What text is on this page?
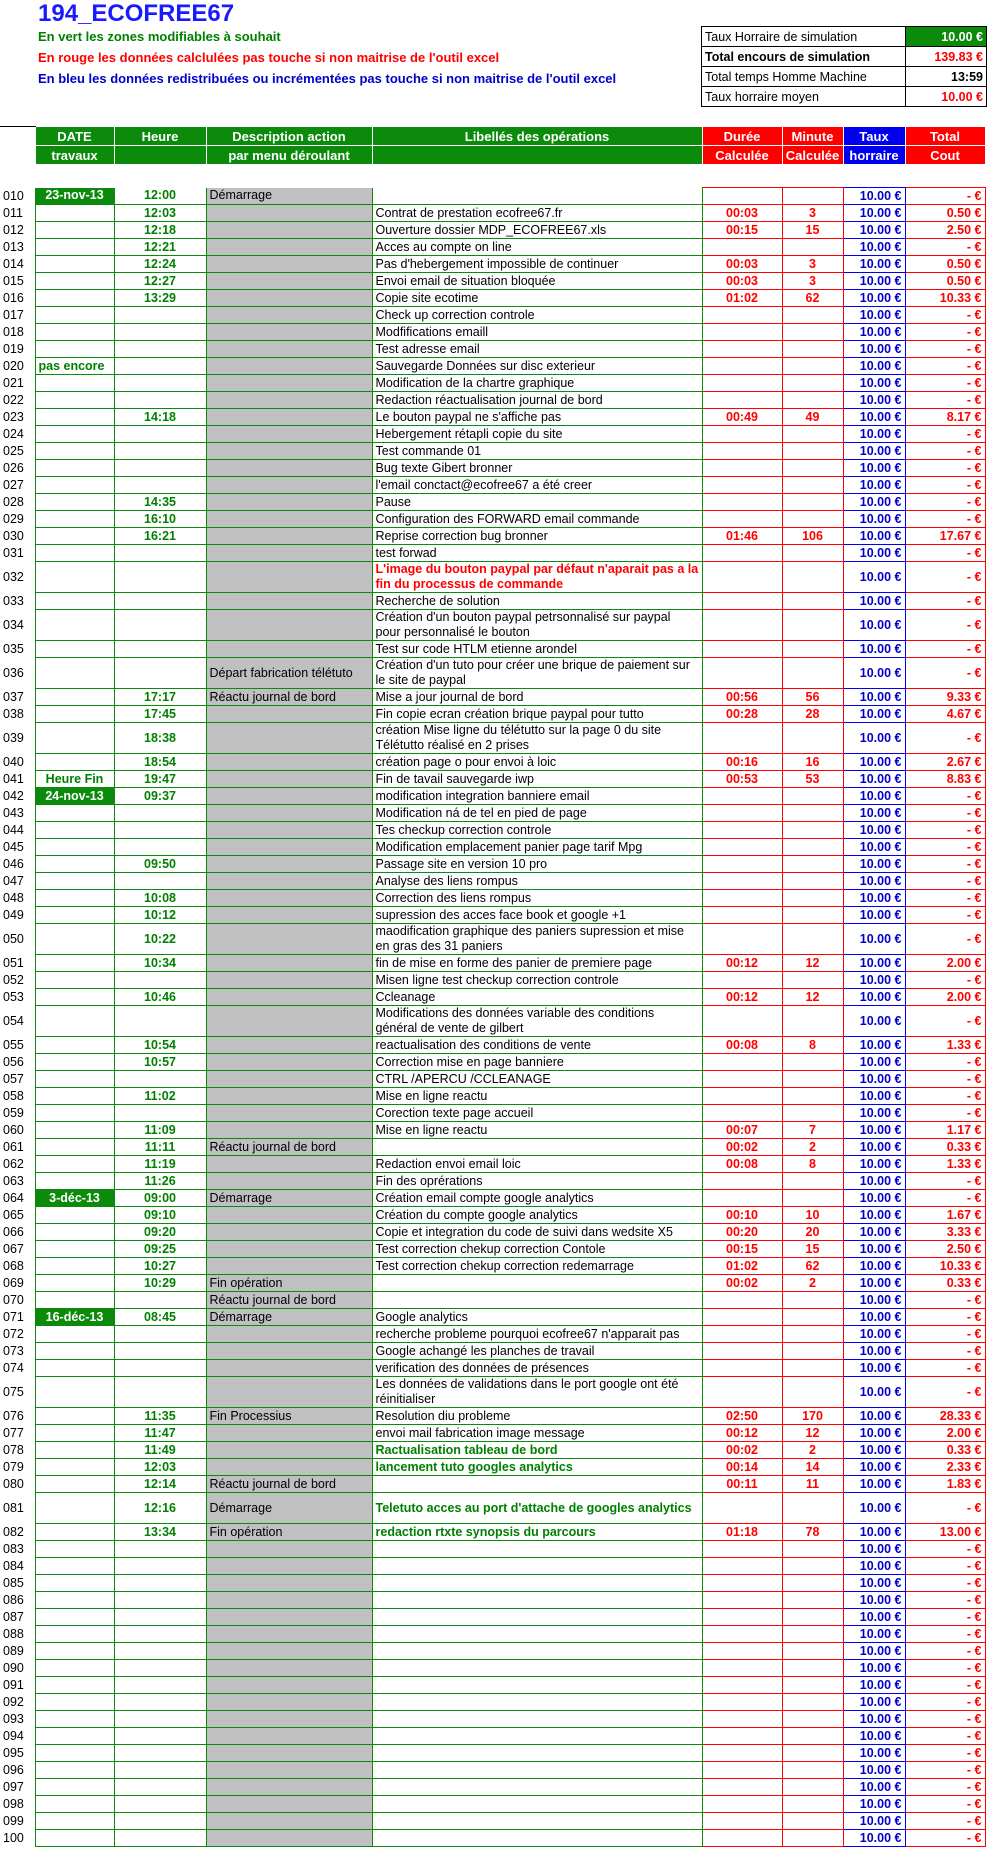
194_ECOFREE67
En vert les zones modifiables à souhait
En rouge les données calclulées pas touche si non maitrise de l'outil excel
En bleu les données redistribuées ou incrémentées pas touche si non maitrise de l'outil excel
Taux Horraire de simulation	10.00 €
Total encours de simulation	139.83 €
Total temps Homme Machine	13:59
Taux horraire moyen	10.00 €
	DATE	Heure	Description action	Libellés des opérations	Durée	Minute	Taux	Total
	travaux		par menu déroulant		Calculée	Calculée	horraire	Cout

010	23-nov-13	12:00	Démarrage				10.00 €	- €
011		12:03		Contrat de prestation ecofree67.fr	00:03	3	10.00 €	0.50 €
012		12:18		Ouverture dossier MDP_ECOFREE67.xls	00:15	15	10.00 €	2.50 €
013		12:21		Acces au compte on line			10.00 €	- €
014		12:24		Pas d'hebergement impossible de continuer	00:03	3	10.00 €	0.50 €
015		12:27		Envoi email de situation bloquée	00:03	3	10.00 €	0.50 €
016		13:29		Copie site ecotime	01:02	62	10.00 €	10.33 €
017				Check up correction controle			10.00 €	- €
018				Modfifications emaill			10.00 €	- €
019				Test adresse email			10.00 €	- €
020	pas encore			Sauvegarde Données sur disc exterieur			10.00 €	- €
021				Modification de la chartre graphique			10.00 €	- €
022				Redaction réactualisation journal de bord			10.00 €	- €
023		14:18		Le bouton paypal ne s'affiche pas	00:49	49	10.00 €	8.17 €
024				Hebergement rétapli copie du site			10.00 €	- €
025				Test commande 01			10.00 €	- €
026				Bug texte Gibert bronner			10.00 €	- €
027				l'email conctact@ecofree67 a été creer			10.00 €	- €
028		14:35		Pause			10.00 €	- €
029		16:10		Configuration des FORWARD email commande			10.00 €	- €
030		16:21		Reprise correction bug bronner	01:46	106	10.00 €	17.67 €
031				test forwad			10.00 €	- €
032				L'image du bouton paypal par défaut n'aparait pas a la fin du processus de commande			10.00 €	- €
033				Recherche de solution			10.00 €	- €
034				Création d'un bouton paypal petrsonnalisé sur paypal pour personnalisé le bouton			10.00 €	- €
035				Test sur code HTLM etienne arondel			10.00 €	- €
036			Départ fabrication télétuto	Création d'un tuto pour créer une brique de paiement sur le site de paypal			10.00 €	- €
037		17:17	Réactu journal de bord	Mise a jour journal de bord	00:56	56	10.00 €	9.33 €
038		17:45		Fin copie ecran création brique paypal pour tutto	00:28	28	10.00 €	4.67 €
039		18:38		création Mise ligne du télétutto sur la page 0 du site Télétutto réalisé en 2 prises			10.00 €	- €
040		18:54		création page o pour envoi à loic	00:16	16	10.00 €	2.67 €
041	Heure Fin	19:47		Fin de tavail sauvegarde iwp	00:53	53	10.00 €	8.83 €
042	24-nov-13	09:37		modification integration banniere email			10.00 €	- €
043				Modification ná de tel en pied de page			10.00 €	- €
044				Tes checkup correction controle			10.00 €	- €
045				Modification emplacement panier page tarif Mpg			10.00 €	- €
046		09:50		Passage site en version 10 pro			10.00 €	- €
047				Analyse des liens rompus			10.00 €	- €
048		10:08		Correction des liens rompus			10.00 €	- €
049		10:12		supression des acces face book et google +1			10.00 €	- €
050		10:22		maodification graphique des paniers supression et mise en gras des 31 paniers			10.00 €	- €
051		10:34		fin de mise en forme des panier de premiere page	00:12	12	10.00 €	2.00 €
052				Misen ligne test checkup correction controle			10.00 €	- €
053		10:46		Ccleanage	00:12	12	10.00 €	2.00 €
054				Modifications des données variable des conditions général de vente de gilbert			10.00 €	- €
055		10:54		reactualisation des conditions de vente	00:08	8	10.00 €	1.33 €
056		10:57		Correction mise en page banniere			10.00 €	- €
057				CTRL /APERCU /CCLEANAGE			10.00 €	- €
058		11:02		Mise en ligne reactu			10.00 €	- €
059				Corection texte page accueil			10.00 €	- €
060		11:09		Mise en ligne reactu	00:07	7	10.00 €	1.17 €
061		11:11	Réactu journal de bord		00:02	2	10.00 €	0.33 €
062		11:19		Redaction envoi email loic	00:08	8	10.00 €	1.33 €
063		11:26		Fin des oprérations			10.00 €	- €
064	3-déc-13	09:00	Démarrage	Création email compte google analytics			10.00 €	- €
065		09:10		Création du compte google analytics	00:10	10	10.00 €	1.67 €
066		09:20		Copie et integration du code de suivi dans wedsite X5	00:20	20	10.00 €	3.33 €
067		09:25		Test correction chekup correction Contole	00:15	15	10.00 €	2.50 €
068		10:27		Test correction chekup correction redemarrage	01:02	62	10.00 €	10.33 €
069		10:29	Fin opération		00:02	2	10.00 €	0.33 €
070			Réactu journal de bord				10.00 €	- €
071	16-déc-13	08:45	Démarrage	Google analytics			10.00 €	- €
072				recherche probleme pourquoi ecofree67 n'apparait pas			10.00 €	- €
073				Google achangé les planches de travail			10.00 €	- €
074				verification des données de présences			10.00 €	- €
075				Les données de validations dans le port google ont été réinitialiser			10.00 €	- €
076		11:35	Fin Processius	Resolution diu probleme	02:50	170	10.00 €	28.33 €
077		11:47		envoi mail fabrication image message	00:12	12	10.00 €	2.00 €
078		11:49		Ractualisation tableau de bord	00:02	2	10.00 €	0.33 €
079		12:03		lancement tuto googles analytics	00:14	14	10.00 €	2.33 €
080		12:14	Réactu journal de bord		00:11	11	10.00 €	1.83 €
081		12:16	Démarrage	Teletuto acces au port d'attache de googles analytics			10.00 €	- €
082		13:34	Fin opération	redaction rtxte synopsis du parcours	01:18	78	10.00 €	13.00 €
083							10.00 €	- €
084							10.00 €	- €
085							10.00 €	- €
086							10.00 €	- €
087							10.00 €	- €
088							10.00 €	- €
089							10.00 €	- €
090							10.00 €	- €
091							10.00 €	- €
092							10.00 €	- €
093							10.00 €	- €
094							10.00 €	- €
095							10.00 €	- €
096							10.00 €	- €
097							10.00 €	- €
098							10.00 €	- €
099							10.00 €	- €
100							10.00 €	- €
